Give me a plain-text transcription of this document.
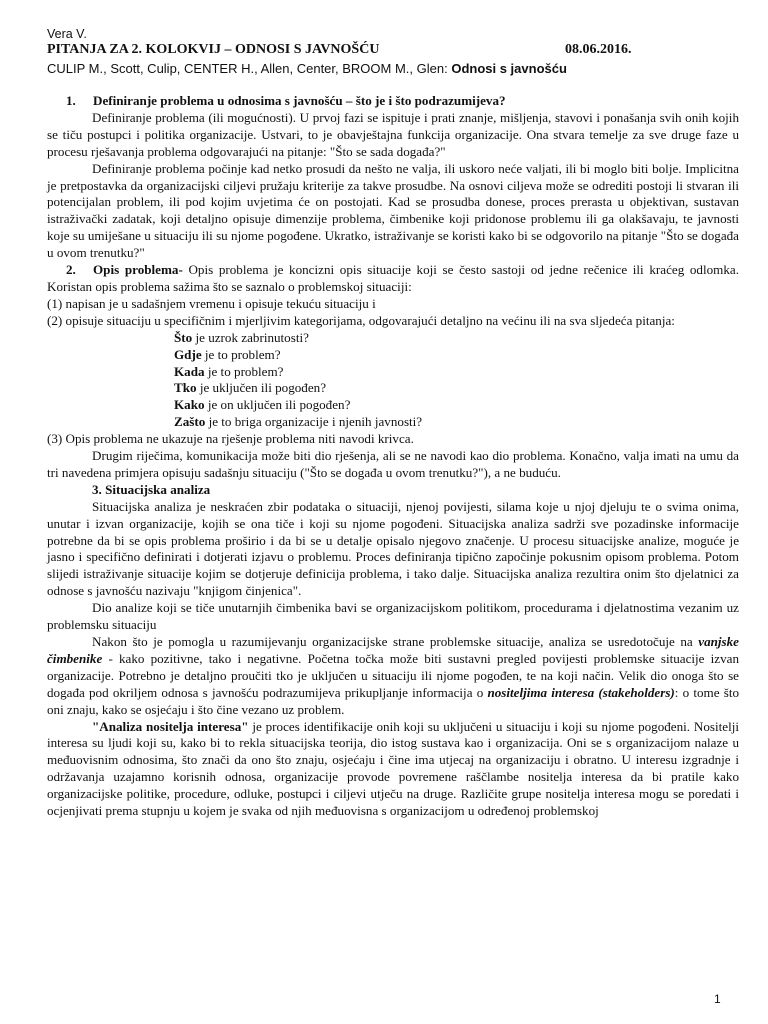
Vera V.
PITANJA ZA 2. KOLOKVIJ – ODNOSI S JAVNOŠĆU	08.06.2016.
CULIP M., Scott, Culip, CENTER H., Allen, Center, BROOM M., Glen: Odnosi s javnošću

1. Definiranje problema u odnosima s javnošću – što je i što podrazumijeva?

Definiranje problema (ili mogućnosti). U prvoj fazi se ispituje i prati znanje, mišljenja, stavovi i ponašanja svih onih kojih se tiču postupci i politika organizacije. Ustvari, to je obavještajna funkcija organizacije. Ona stvara temelje za sve druge faze u procesu rješavanja problema odgovarajući na pitanje: "Što se sada događa?"

Definiranje problema počinje kad netko prosudi da nešto ne valja, ili uskoro neće valjati, ili bi moglo biti bolje. Implicitna je pretpostavka da organizacijski ciljevi pružaju kriterije za takve prosudbe. Na osnovi ciljeva može se odrediti postoji li stvaran ili potencijalan problem, ili pod kojim uvjetima će on postojati. Kad se prosudba donese, proces prerasta u objektivan, sustavan istraživački zadatak, koji detaljno opisuje dimenzije problema, čimbenike koji pridonose problemu ili ga olakšavaju, te javnosti koje su umiješane u situaciju ili su njome pogođene. Ukratko, istraživanje se koristi kako bi se odgovorilo na pitanje "Što se događa u ovom trenutku?"

2. Opis problema- Opis problema je koncizni opis situacije koji se često sastoji od jedne rečenice ili kraćeg odlomka. Koristan opis problema sažima što se saznalo o problemskoj situaciji:

(1) napisan je u sadašnjem vremenu i opisuje tekuću situaciju i

(2) opisuje situaciju u specifičnim i mjerljivim kategorijama, odgovarajući detaljno na većinu ili na sva sljedeća pitanja:

Što je uzrok zabrinutosti?

Gdje je to problem?

Kada je to problem?

Tko je uključen ili pogođen?

Kako je on uključen ili pogođen?

Zašto je to briga organizacije i njenih javnosti?

(3) Opis problema ne ukazuje na rješenje problema niti navodi krivca.

Drugim riječima, komunikacija može biti dio rješenja, ali se ne navodi kao dio problema. Konačno, valja imati na umu da tri navedena primjera opisuju sadašnju situaciju ("Što se događa u ovom trenutku?"), a ne buduću.

3. Situacijska analiza

Situacijska analiza je neskraćen zbir podataka o situaciji, njenoj povijesti, silama koje u njoj djeluju te o svima onima, unutar i izvan organizacije, kojih se ona tiče i koji su njome pogođeni. Situacijska analiza sadrži sve pozadinske informacije potrebne da bi se opis problema proširio i da bi se u detalje opisalo njegovo značenje. U procesu situacijske analize, moguće je jasno i specifično definirati i dotjerati izjavu o problemu. Proces definiranja tipično započinje pokusnim opisom problema. Potom slijedi istraživanje situacije kojim se dotjeruje definicija problema, i tako dalje. Situacijska analiza rezultira onim što djelatnici za odnose s javnošću nazivaju "knjigom činjenica".

Dio analize koji se tiče unutarnjih čimbenika bavi se organizacijskom politikom, procedurama i djelatnostima vezanim uz problemsku situaciju

Nakon što je pomogla u razumijevanju organizacijske strane problemske situacije, analiza se usredotočuje na vanjske čimbenike - kako pozitivne, tako i negativne. Početna točka može biti sustavni pregled povijesti problemske situacije izvan organizacije. Potrebno je detaljno proučiti tko je uključen u situaciju ili njome pogođen, te na koji način. Velik dio onoga što se događa pod okriljem odnosa s javnošću podrazumijeva prikupljanje informacija o nositeljima interesa (stakeholders): o tome što oni znaju, kako se osjećaju i što čine vezano uz problem.

"Analiza nositelja interesa" je proces identifikacije onih koji su uključeni u situaciju i koji su njome pogođeni. Nositelji interesa su ljudi koji su, kako bi to rekla situacijska teorija, dio istog sustava kao i organizacija. Oni se s organizacijom nalaze u međuovisnim odnosima, što znači da ono što znaju, osjećaju i čine ima utjecaj na organizaciju i obratno. U interesu izgradnje i održavanja uzajamno korisnih odnosa, organizacije provode povremene raščlambe nositelja interesa da bi pratile kako organizacijske politike, procedure, odluke, postupci i ciljevi utječu na druge. Različite grupe nositelja interesa mogu se poredati i ocjenjivati prema stupnju u kojem je svaka od njih međuovisna s organizacijom u određenoj problemskoj

1
